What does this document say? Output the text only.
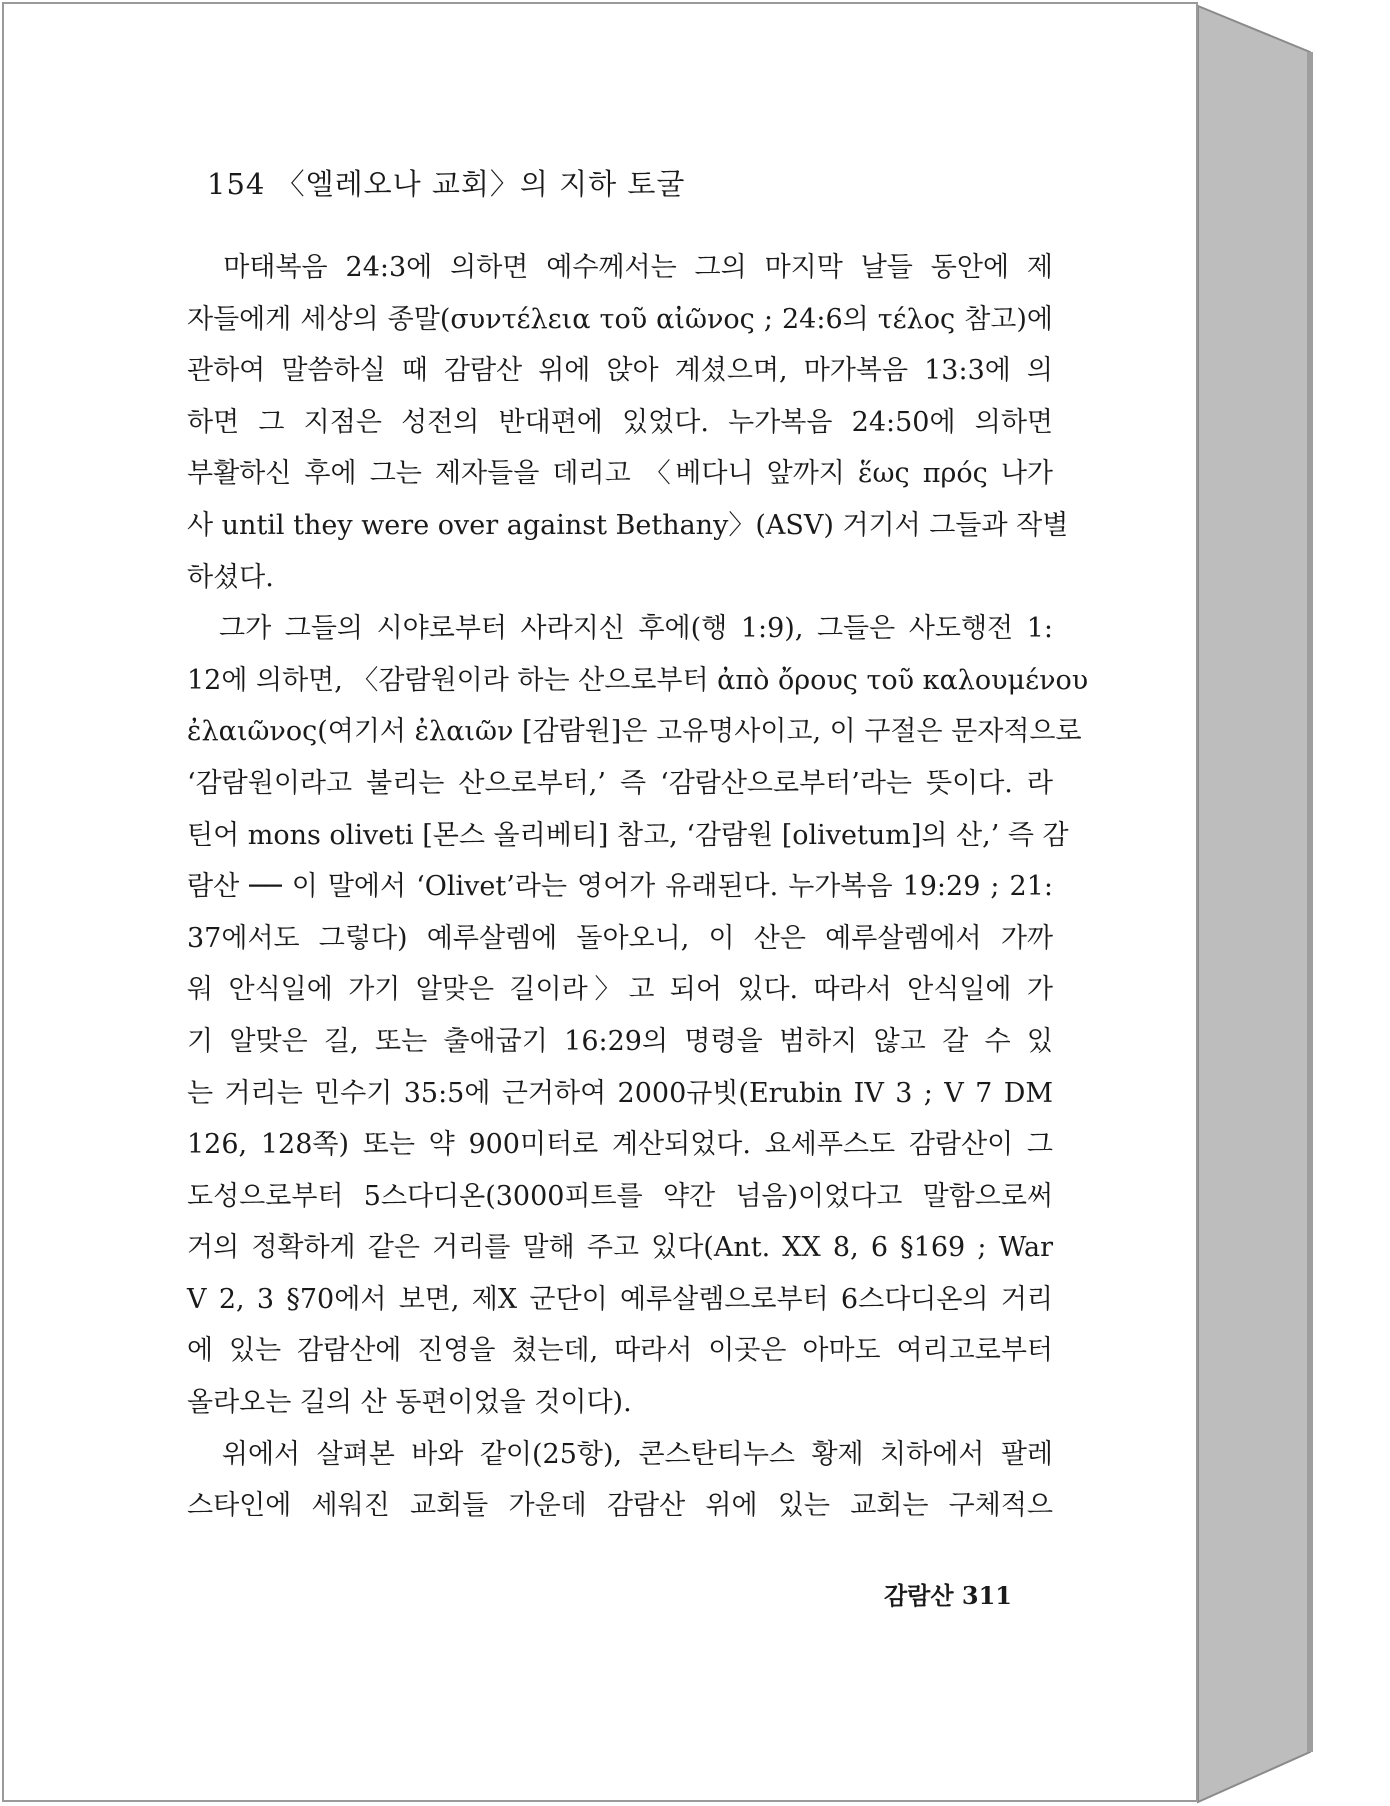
154 〈엘레오나 교회〉의 지하 토굴
　마태복음 24:3에 의하면 예수께서는 그의 마지막 날들 동안에 제
자들에게 세상의 종말(συντέλεια τοῦ αἰῶνος ; 24:6의 τέλος 참고)에
관하여 말씀하실 때 감람산 위에 앉아 계셨으며, 마가복음 13:3에 의
하면 그 지점은 성전의 반대편에 있었다. 누가복음 24:50에 의하면
부활하신 후에 그는 제자들을 데리고 〈베다니 앞까지 ἕως πρός 나가
사 until they were over against Bethany〉(ASV) 거기서 그들과 작별
하셨다.
　그가 그들의 시야로부터 사라지신 후에(행 1:9), 그들은 사도행전 1:
12에 의하면, 〈감람원이라 하는 산으로부터 ἀπὸ ὄρους τοῦ καλουμένου
ἐλαιῶνος(여기서 ἐλαιῶν [감람원]은 고유명사이고, 이 구절은 문자적으로
‘감람원이라고 불리는 산으로부터,’ 즉 ‘감람산으로부터’라는 뜻이다. 라
틴어 mons oliveti [몬스 올리베티] 참고, ‘감람원 [olivetum]의 산,’ 즉 감
람산 ── 이 말에서 ‘Olivet’라는 영어가 유래된다. 누가복음 19:29 ; 21:
37에서도 그렇다) 예루살렘에 돌아오니, 이 산은 예루살렘에서 가까
워 안식일에 가기 알맞은 길이라〉고 되어 있다. 따라서 안식일에 가
기 알맞은 길, 또는 출애굽기 16:29의 명령을 범하지 않고 갈 수 있
는 거리는 민수기 35:5에 근거하여 2000규빗(Erubin IV 3 ; V 7 DM
126, 128쪽) 또는 약 900미터로 계산되었다. 요세푸스도 감람산이 그
도성으로부터 5스다디온(3000피트를 약간 넘음)이었다고 말함으로써
거의 정확하게 같은 거리를 말해 주고 있다(Ant. XX 8, 6 §169 ; War
V 2, 3 §70에서 보면, 제X 군단이 예루살렘으로부터 6스다디온의 거리
에 있는 감람산에 진영을 쳤는데, 따라서 이곳은 아마도 여리고로부터
올라오는 길의 산 동편이었을 것이다).
　위에서 살펴본 바와 같이(25항), 콘스탄티누스 황제 치하에서 팔레
스타인에 세워진 교회들 가운데 감람산 위에 있는 교회는 구체적으
감람산 311
